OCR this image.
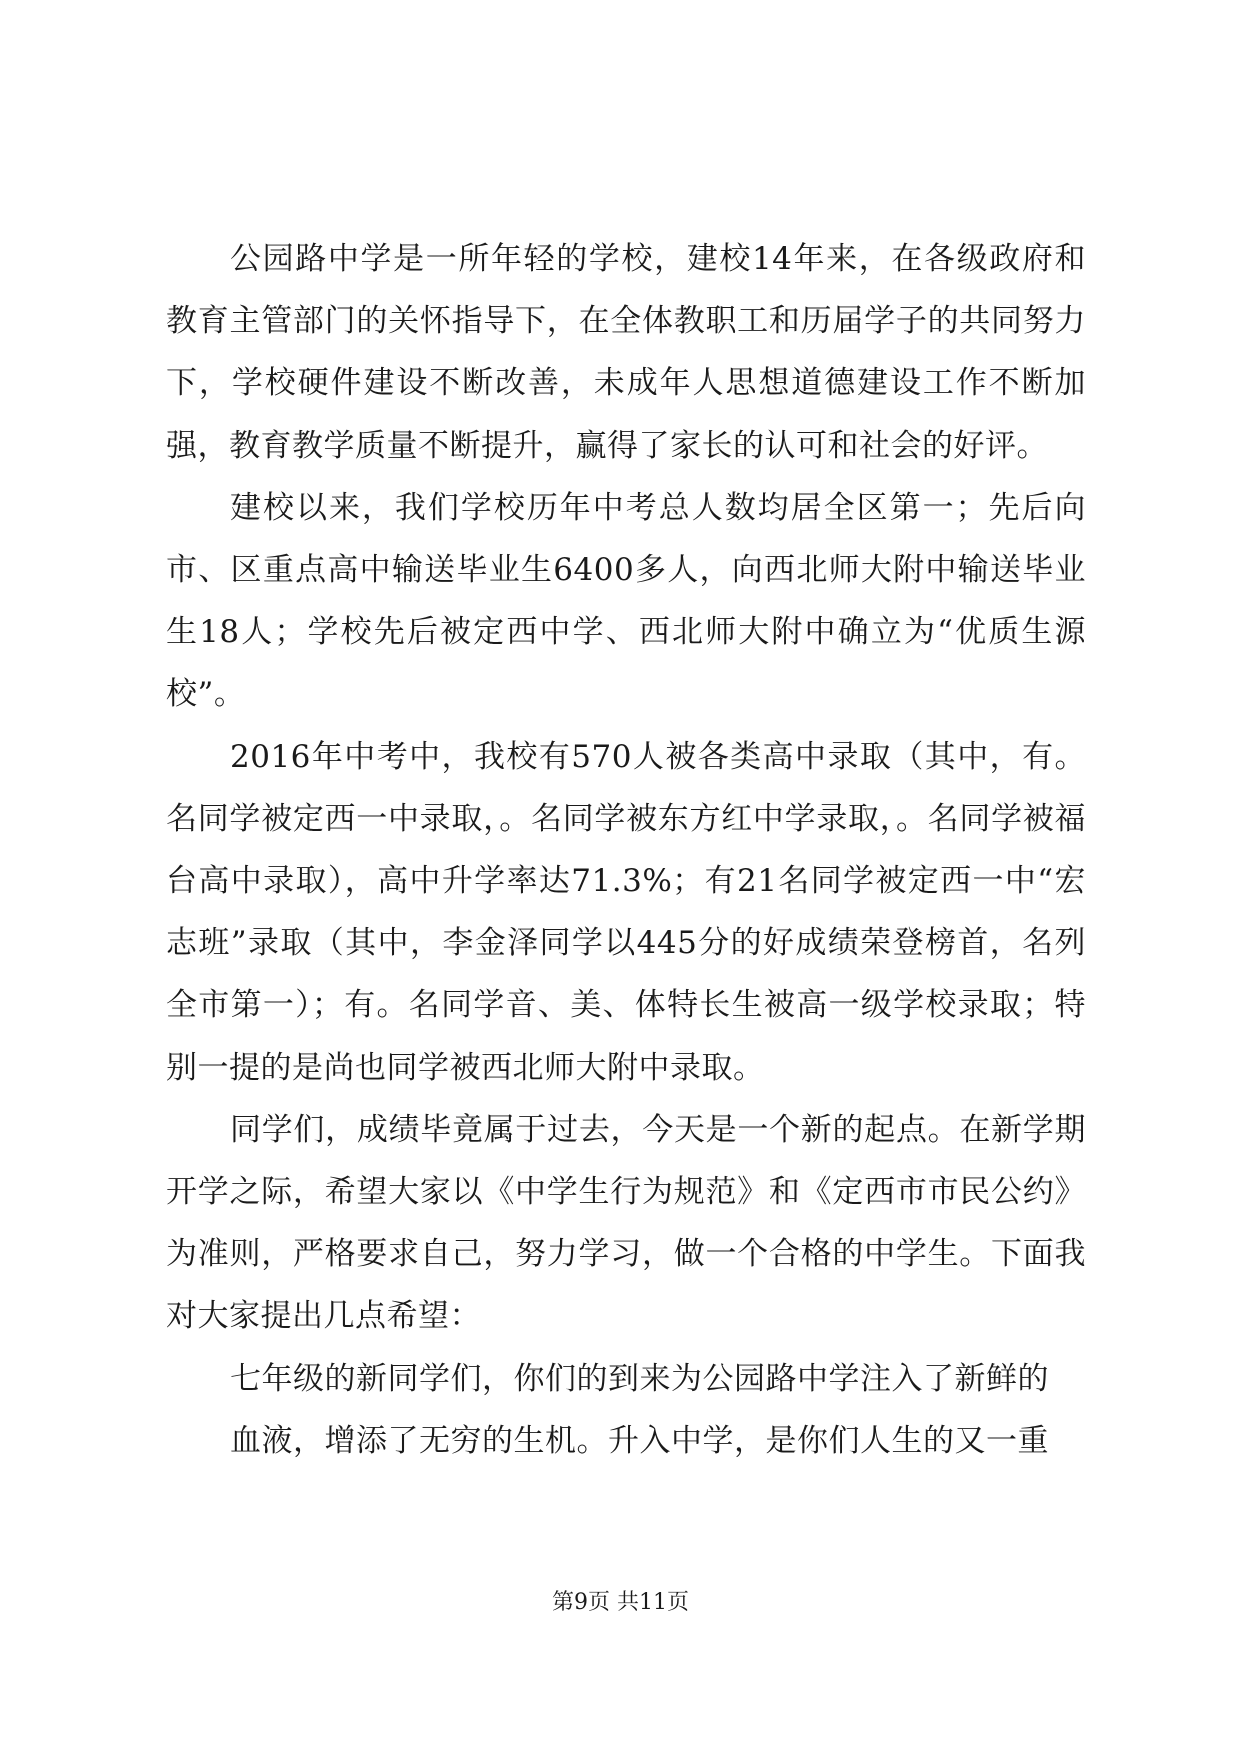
公园路中学是一所年轻的学校，建校14年来，在各级政府和教育主管部门的关怀指导下，在全体教职工和历届学子的共同努力下，学校硬件建设不断改善，未成年人思想道德建设工作不断加强，教育教学质量不断提升，赢得了家长的认可和社会的好评。

建校以来，我们学校历年中考总人数均居全区第一；先后向市、区重点高中输送毕业生6400多人，向西北师大附中输送毕业生18人；学校先后被定西中学、西北师大附中确立为“优质生源校”。

2016年中考中，我校有570人被各类高中录取（其中，有。名同学被定西一中录取，。名同学被东方红中学录取，。名同学被福台高中录取），高中升学率达71.3%；有21名同学被定西一中“宏志班”录取（其中，李金泽同学以445分的好成绩荣登榜首，名列全市第一）；有。名同学音、美、体特长生被高一级学校录取；特别一提的是尚也同学被西北师大附中录取。

同学们，成绩毕竟属于过去，今天是一个新的起点。在新学期开学之际，希望大家以《中学生行为规范》和《定西市市民公约》为准则，严格要求自己，努力学习，做一个合格的中学生。下面我对大家提出几点希望：

七年级的新同学们，你们的到来为公园路中学注入了新鲜的

血液，增添了无穷的生机。升入中学，是你们人生的又一重

第9页 共11页
